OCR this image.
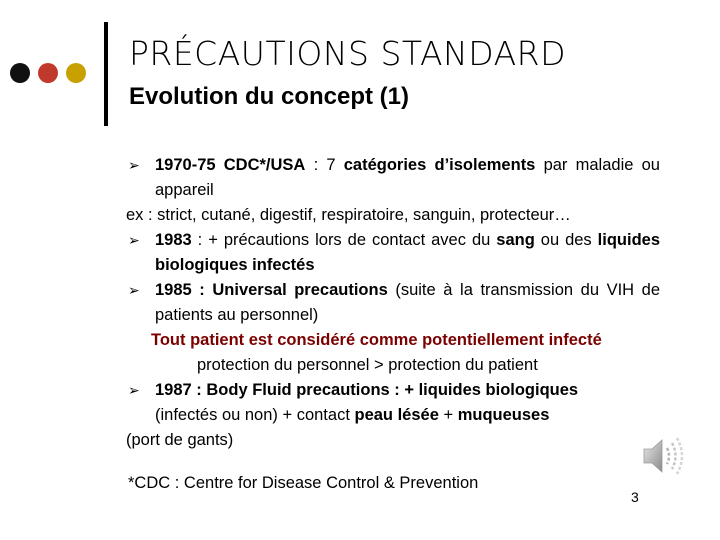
PRÉCAUTIONS STANDARD
Evolution du concept (1)
➢ 1970-75 CDC*/USA : 7 catégories d’isolements par maladie ou appareil
ex : strict, cutané, digestif, respiratoire, sanguin, protecteur…
➢ 1983 : + précautions lors de contact avec du sang ou des liquides biologiques infectés
➢ 1985 : Universal precautions (suite à la transmission du VIH de patients au personnel)
Tout patient est considéré comme potentiellement infecté
protection du personnel > protection du patient
➢ 1987 : Body Fluid precautions : + liquides biologiques
(infectés ou non) + contact peau lésée + muqueuses
(port de gants)
*CDC : Centre for Disease Control & Prevention
3
